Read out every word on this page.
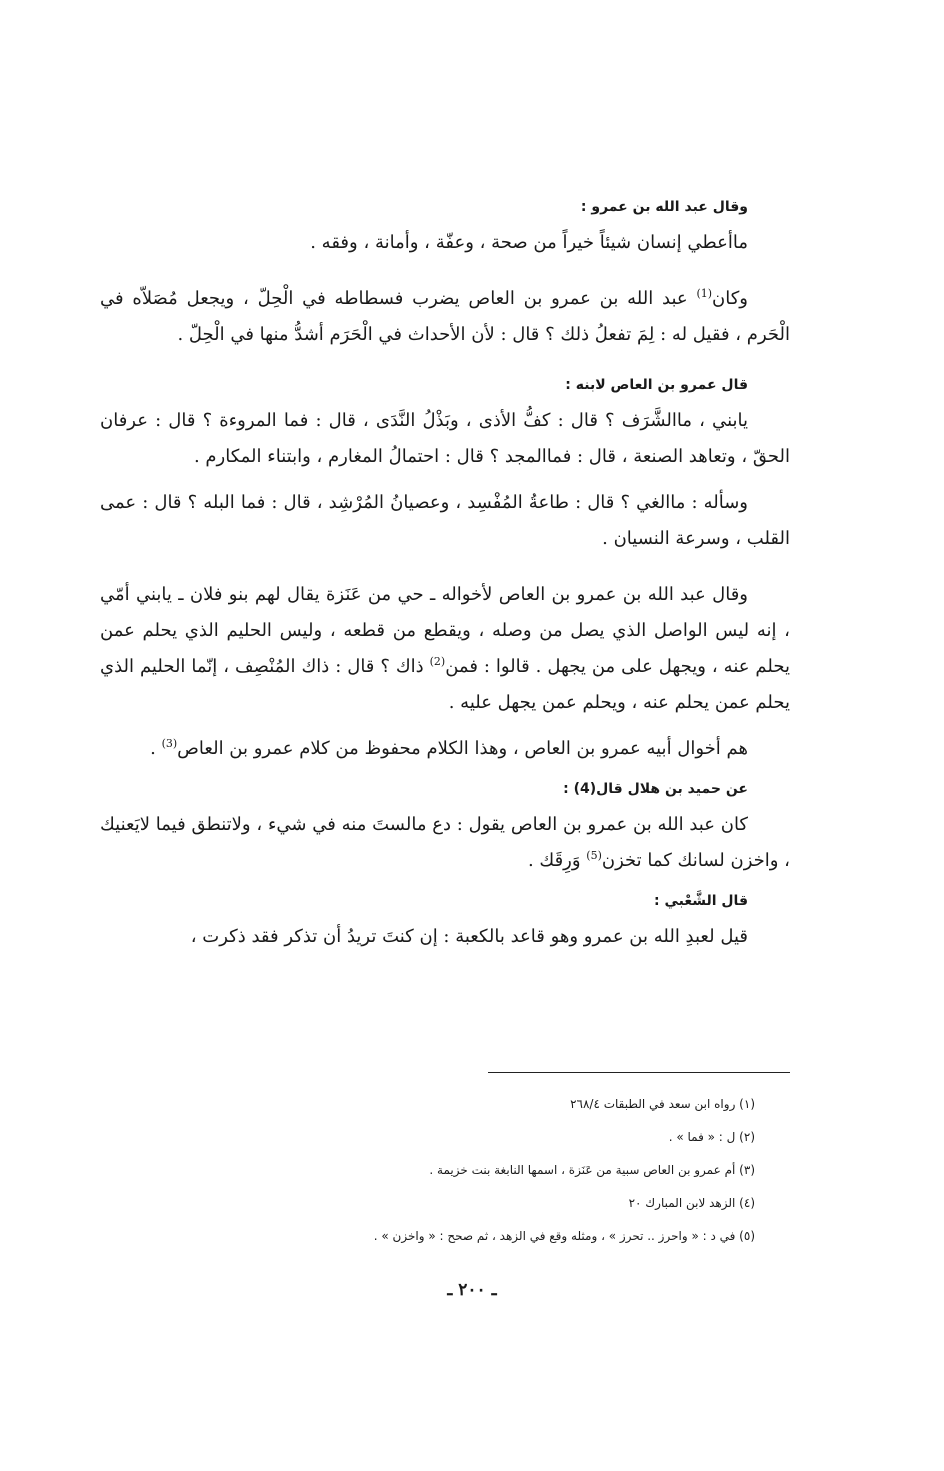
وقال عبد الله بن عمرو :

ماأعطي إنسان شيئاً خيراً من صحة ، وعفّة ، وأمانة ، وفقه .

وكان$^{(1)}$ عبد الله بن عمرو بن العاص يضرب فسطاطه في الْحِلّ ، ويجعل مُصَلاّه في الْحَرم ، فقيل له : لِمَ تفعلُ ذلك ؟ قال : لأن الأحداث في الْحَرَم أشدُّ منها في الْحِلّ .

قال عمرو بن العاص لابنه :

يابني ، ماالشَّرَف ؟ قال : كفُّ الأذى ، وبَذْلُ النَّدَى ، قال : فما المروءة ؟ قال : عرفان الحقّ ، وتعاهد الصنعة ، قال : فماالمجد ؟ قال : احتمالُ المغارم ، وابتناء المكارم .

وسأله : ماالغي ؟ قال : طاعةُ المُفْسِد ، وعصيانُ المُرْشِد ، قال : فما البله ؟ قال : عمى القلب ، وسرعة النسيان .

وقال عبد الله بن عمرو بن العاص لأخواله ـ حي من عَنَزة يقال لهم بنو فلان ـ يابني أمّي ، إنه ليس الواصل الذي يصل من وصله ، ويقطع من قطعه ، وليس الحليم الذي يحلم عمن يحلم عنه ، ويجهل على من يجهل . قالوا : فمن$^{(2)}$ ذاك ؟ قال : ذاك المُنْصِف ، إنّما الحليم الذي يحلم عمن يحلم عنه ، ويحلم عمن يجهل عليه .

هم أخوال أبيه عمرو بن العاص ، وهذا الكلام محفوظ من كلام عمرو بن العاص$^{(3)}$ .

عن حميد بن هلال قال(4) :

كان عبد الله بن عمرو بن العاص يقول : دع مالستَ منه في شيء ، ولاتنطق فيما لايَعنيك ، واخزن لسانك كما تخزن$^{(5)}$ وَرِقَك .

قال الشَّعْبي :

قيل لعبدِ الله بن عمرو وهو قاعد بالكعبة : إن كنتَ تريدُ أن تذكر فقد ذكرت ،

(١) رواه ابن سعد في الطبقات ٢٦٨/٤

(٢) ل : « فما » .

(٣) أم عمرو بن العاص سبية من عَنَزة ، اسمها النابغة بنت خزيمة .

(٤) الزهد لابن المبارك ٢٠

(٥) في د : « واحرز .. تحرز » ، ومثله وقع في الزهد ، ثم صحح : « واخزن » .

ـ ٢٠٠ ـ
